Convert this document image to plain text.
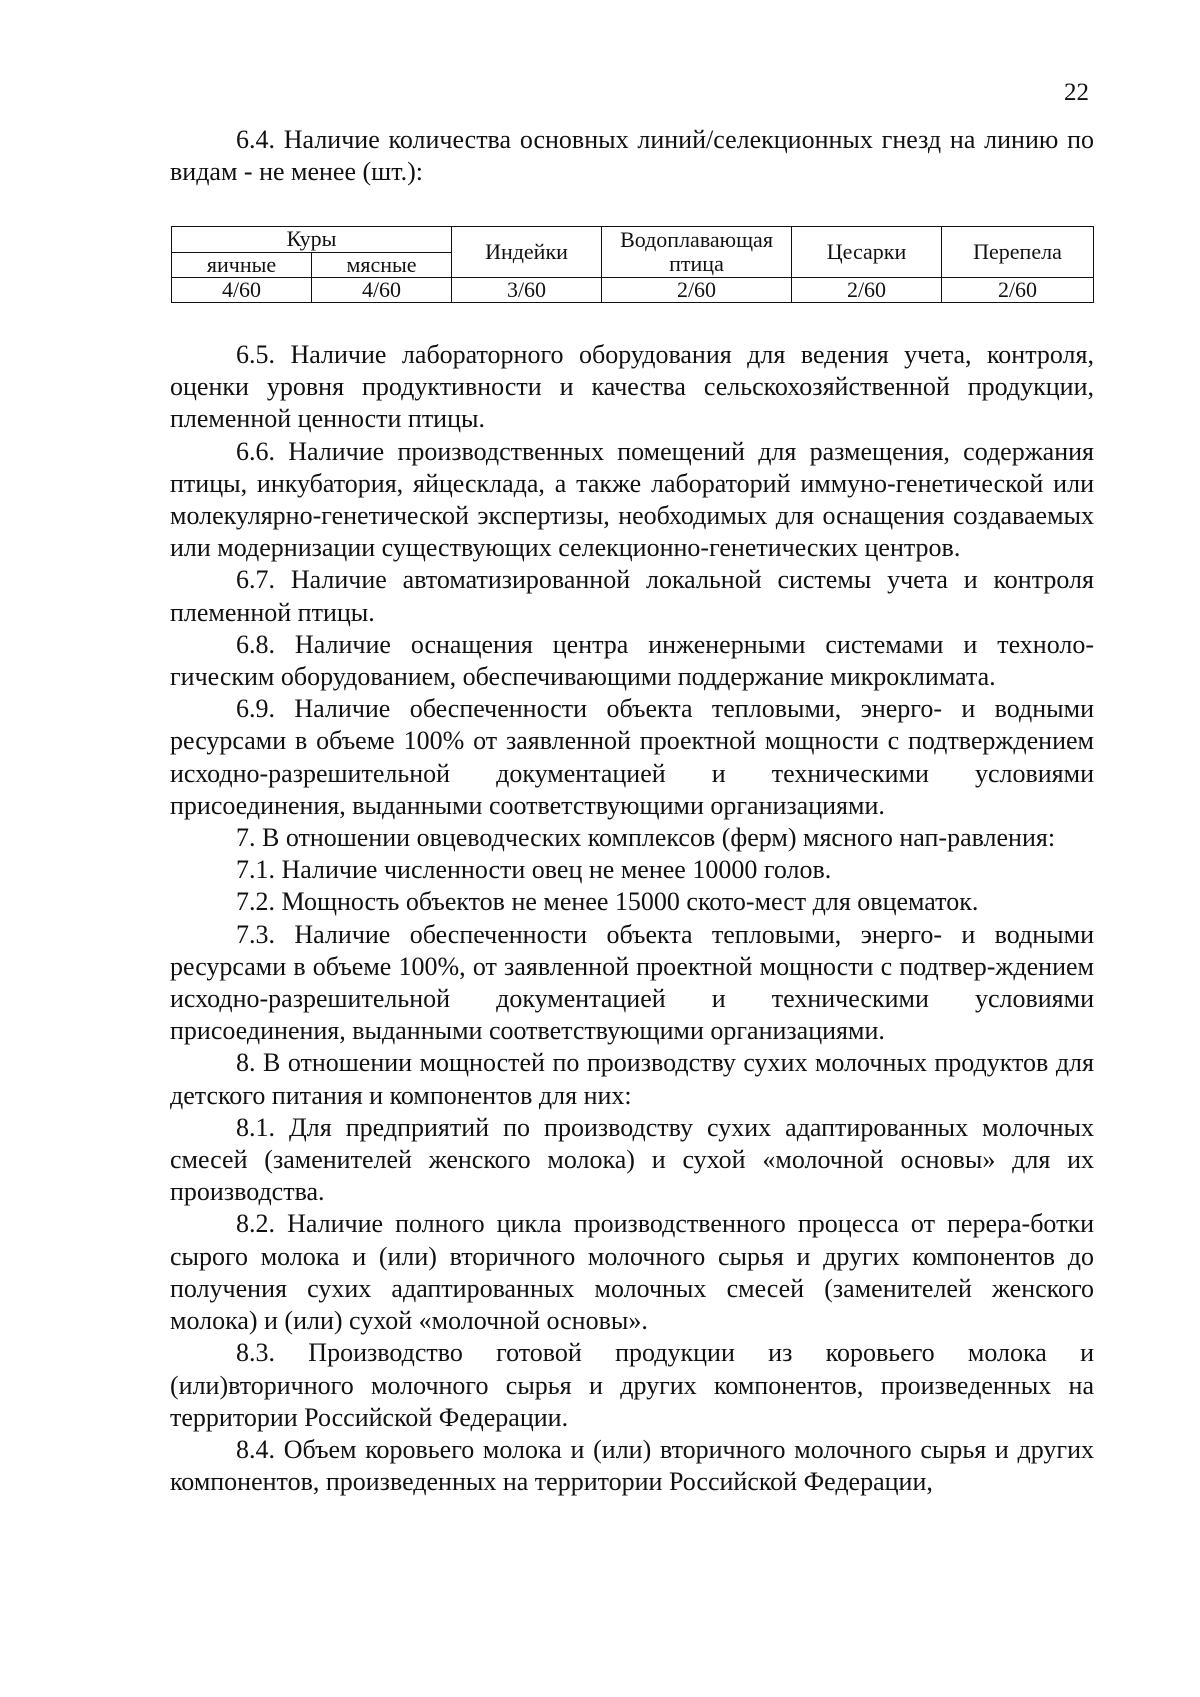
22

6.4. Наличие количества основных линий/селекционных гнезд на линию по видам - не менее (шт.):

Куры		Индейки	Водоплавающая птица	Цесарки	Перепела
яичные	мясные				
4/60	4/60	3/60	2/60	2/60	2/60

6.5. Наличие лабораторного оборудования для ведения учета, контроля, оценки уровня продуктивности и качества сельскохозяйственной продукции, племенной ценности птицы.

6.6. Наличие производственных помещений для размещения, содержания птицы, инкубатория, яйцесклада, а также лабораторий иммуно-генетической или молекулярно-генетической экспертизы, необходимых для оснащения создаваемых или модернизации существующих селекционно-генетических центров.

6.7. Наличие автоматизированной локальной системы учета и контроля племенной птицы.

6.8. Наличие оснащения центра инженерными системами и техноло-гическим оборудованием, обеспечивающими поддержание микроклимата.

6.9. Наличие обеспеченности объекта тепловыми, энерго- и водными ресурсами в объеме 100% от заявленной проектной мощности с подтверждением исходно-разрешительной документацией и техническими условиями присоединения, выданными соответствующими организациями.

7. В отношении овцеводческих комплексов (ферм) мясного нап-равления:

7.1. Наличие численности овец не менее 10000 голов.

7.2. Мощность объектов не менее 15000 ското-мест для овцематок.

7.3. Наличие обеспеченности объекта тепловыми, энерго- и водными ресурсами в объеме 100%, от заявленной проектной мощности с подтвер-ждением исходно-разрешительной документацией и техническими условиями присоединения, выданными соответствующими организациями.

8. В отношении мощностей по производству сухих молочных продуктов для детского питания и компонентов для них:

8.1. Для предприятий по производству сухих адаптированных молочных смесей (заменителей женского молока) и сухой «молочной основы» для их производства.

8.2. Наличие полного цикла производственного процесса от перера-ботки сырого молока и (или) вторичного молочного сырья и других компонентов до получения сухих адаптированных молочных смесей (заменителей женского молока) и (или) сухой «молочной основы».

8.3. Производство готовой продукции из коровьего молока и (или)вторичного молочного сырья и других компонентов, произведенных на территории Российской Федерации.

8.4. Объем коровьего молока и (или) вторичного молочного сырья и других компонентов, произведенных на территории Российской Федерации,
